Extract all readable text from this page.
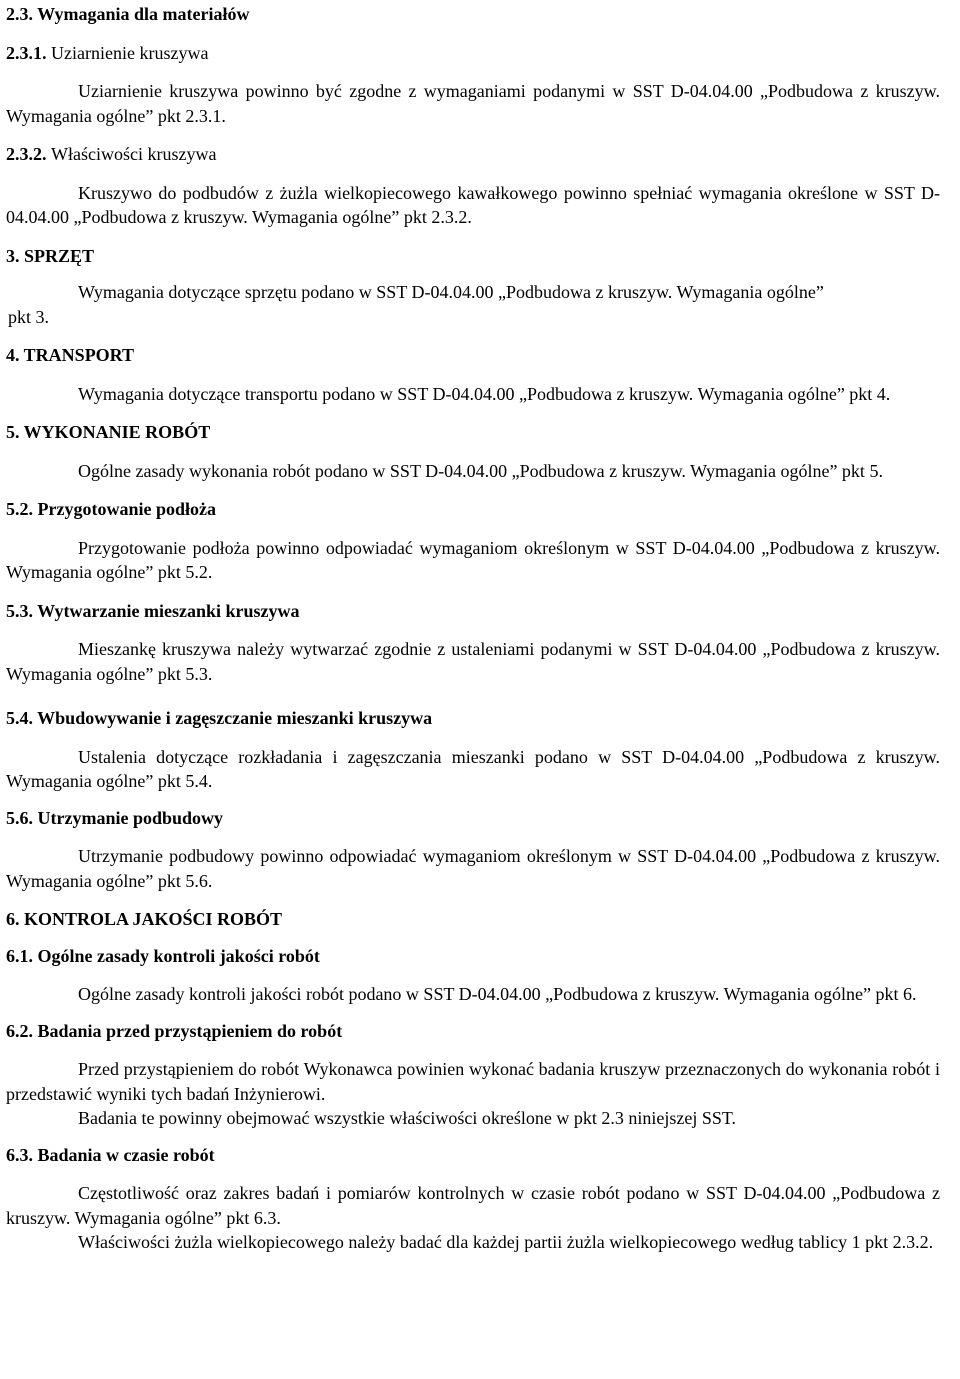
2.3. Wymagania dla materiałów

2.3.1. Uziarnienie kruszywa

Uziarnienie kruszywa powinno być zgodne z wymaganiami podanymi w SST D-04.04.00 „Podbudowa z kruszyw. Wymagania ogólne” pkt 2.3.1.

2.3.2. Właściwości kruszywa

Kruszywo do podbudów z żużla wielkopiecowego kawałkowego powinno spełniać wymagania określone w SST D-04.04.00 „Podbudowa z kruszyw. Wymagania ogólne” pkt 2.3.2.

3. SPRZĘT

Wymagania dotyczące sprzętu podano w SST D-04.04.00 „Podbudowa z kruszyw. Wymagania ogólne”

pkt 3.

4. TRANSPORT

Wymagania dotyczące transportu podano w SST D-04.04.00 „Podbudowa z kruszyw. Wymagania ogólne” pkt 4.

5. WYKONANIE ROBÓT

Ogólne zasady wykonania robót podano w SST D-04.04.00 „Podbudowa z kruszyw. Wymagania ogólne” pkt 5.

5.2. Przygotowanie podłoża

Przygotowanie podłoża powinno odpowiadać wymaganiom określonym w SST D-04.04.00 „Podbudowa z kruszyw. Wymagania ogólne” pkt 5.2.

5.3. Wytwarzanie mieszanki kruszywa

Mieszankę kruszywa należy wytwarzać zgodnie z ustaleniami podanymi w SST D-04.04.00 „Podbudowa z kruszyw. Wymagania ogólne” pkt 5.3.

5.4. Wbudowywanie i zagęszczanie mieszanki kruszywa

Ustalenia dotyczące rozkładania i zagęszczania mieszanki podano w SST D-04.04.00 „Podbudowa z kruszyw. Wymagania ogólne” pkt 5.4.

5.6. Utrzymanie podbudowy

Utrzymanie podbudowy powinno odpowiadać wymaganiom określonym w SST D-04.04.00 „Podbudowa z kruszyw. Wymagania ogólne” pkt 5.6.

6. KONTROLA JAKOŚCI ROBÓT

6.1. Ogólne zasady kontroli jakości robót

Ogólne zasady kontroli jakości robót podano w SST D-04.04.00 „Podbudowa z kruszyw. Wymagania ogólne” pkt 6.

6.2. Badania przed przystąpieniem do robót

Przed przystąpieniem do robót Wykonawca powinien wykonać badania kruszyw przeznaczonych do wykonania robót i przedstawić wyniki tych badań Inżynierowi.

Badania te powinny obejmować wszystkie właściwości określone w pkt 2.3 niniejszej SST.

6.3. Badania w czasie robót

Częstotliwość oraz zakres badań i pomiarów kontrolnych w czasie robót podano w SST D-04.04.00 „Podbudowa z kruszyw. Wymagania ogólne” pkt 6.3.

Właściwości żużla wielkopiecowego należy badać dla każdej partii żużla wielkopiecowego według tablicy 1 pkt 2.3.2.
